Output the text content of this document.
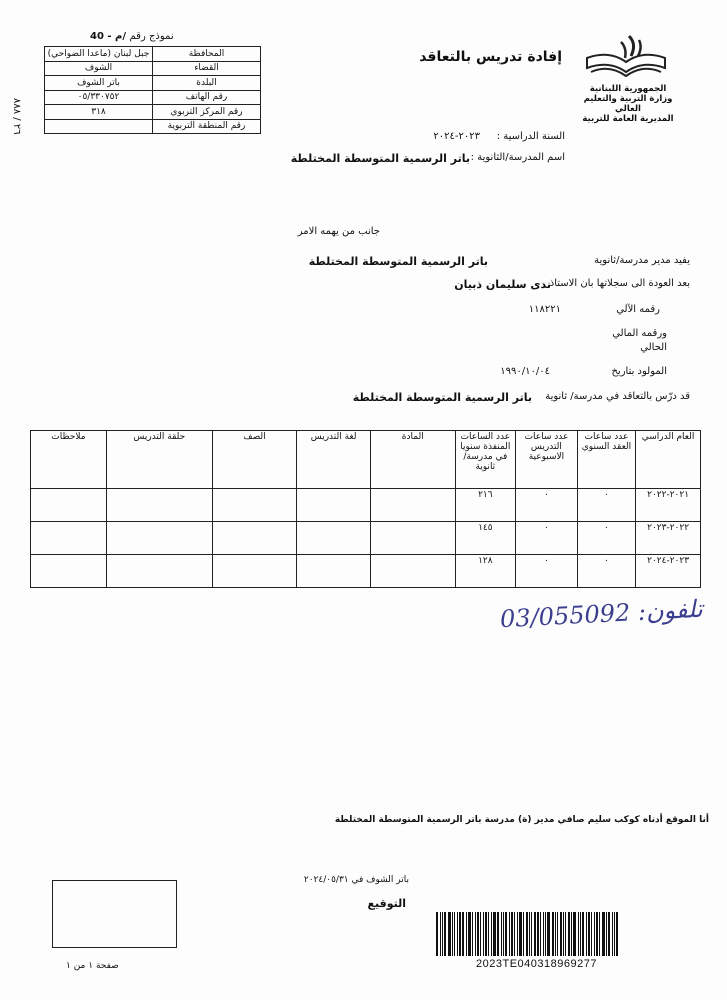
نموذج رقم /م - 40
٢٦ / ٨٨٨
المحافظة	جبل لبنان (ماعدا الضواحي)
القضاء	الشوف
البلدة	باتر الشوف
رقم الهاتف	٠٥/٣٣٠٧٥٢
رقم المركز التربوي	٣١٨
رقم المنطقة التربوية	
إفادة تدريس بالتعاقد
الجمهورية اللبنانية
وزارة التربية والتعليم العالي
المديرية العامة للتربية
السنة الدراسية :
٢٠٢٣-٢٠٢٤
اسم المدرسة/الثانوية :
باتر الرسمية المتوسطة المختلطة
جانب من يهمه الامر
يفيد مدير مدرسة/ثانوية
باتر الرسمية المتوسطة المختلطة
بعد العودة الى سجلاتها بان الاستاذ
ندى سليمان ذبيان
رقمه الآلي
١١٨٢٢١
ورقمه المالي
الحالي
المولود بتاريخ
١٩٩٠/١٠/٠٤
قد درّس بالتعاقد في مدرسة/ ثانوية
باتر الرسمية المتوسطة المختلطة
العام الدراسي	عدد ساعات العقد السنوي	عدد ساعات التدريس الاسبوعية	عدد الساعات المنفذة سنويا في مدرسة/ثانوية	المادة	لغة التدريس	الصف	حلقة التدريس	ملاحظات
٢٠٢١-٢٠٢٢	٠	٠	٢١٦					
٢٠٢٢-٢٠٢٣	٠	٠	١٤٥					
٢٠٢٣-٢٠٢٤	٠	٠	١٢٨					
03/055092 :تلفون
أنا الموقع أدناه كوكب سليم صافي مدير (ة) مدرسة باتر الرسمية المتوسطة المختلطة
باتر الشوف في ٢٠٢٤/٠٥/٣١
التوقيع
صفحة ١ من ١	2023TE040318969277
